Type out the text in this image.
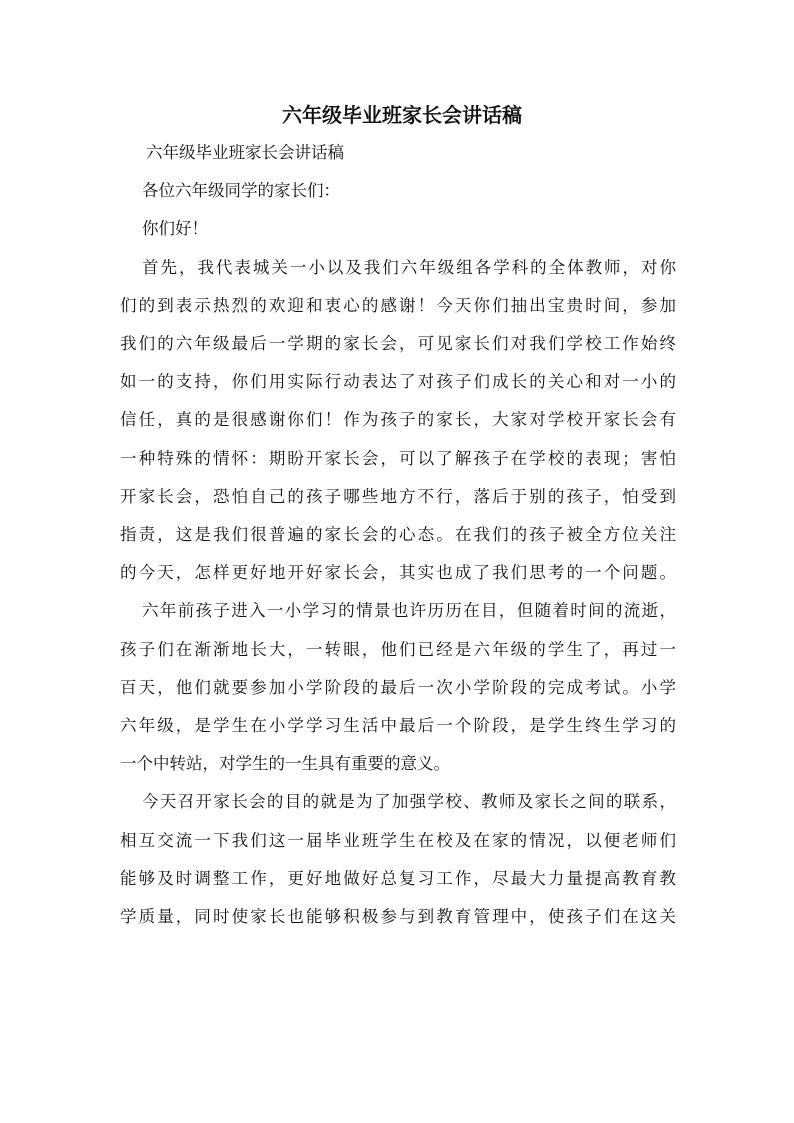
六年级毕业班家长会讲话稿

六年级毕业班家长会讲话稿

各位六年级同学的家长们：

你们好！

首先，我代表城关一小以及我们六年级组各学科的全体教师，对你

们的到表示热烈的欢迎和衷心的感谢！今天你们抽出宝贵时间，参加

我们的六年级最后一学期的家长会，可见家长们对我们学校工作始终

如一的支持，你们用实际行动表达了对孩子们成长的关心和对一小的

信任，真的是很感谢你们！作为孩子的家长，大家对学校开家长会有

一种特殊的情怀：期盼开家长会，可以了解孩子在学校的表现；害怕

开家长会，恐怕自己的孩子哪些地方不行，落后于别的孩子，怕受到

指责，这是我们很普遍的家长会的心态。在我们的孩子被全方位关注

的今天，怎样更好地开好家长会，其实也成了我们思考的一个问题。

六年前孩子进入一小学习的情景也许历历在目，但随着时间的流逝，

孩子们在渐渐地长大，一转眼，他们已经是六年级的学生了，再过一

百天，他们就要参加小学阶段的最后一次小学阶段的完成考试。小学

六年级，是学生在小学学习生活中最后一个阶段，是学生终生学习的

一个中转站，对学生的一生具有重要的意义。

今天召开家长会的目的就是为了加强学校、教师及家长之间的联系，

相互交流一下我们这一届毕业班学生在校及在家的情况，以便老师们

能够及时调整工作，更好地做好总复习工作，尽最大力量提高教育教

学质量，同时使家长也能够积极参与到教育管理中，使孩子们在这关
